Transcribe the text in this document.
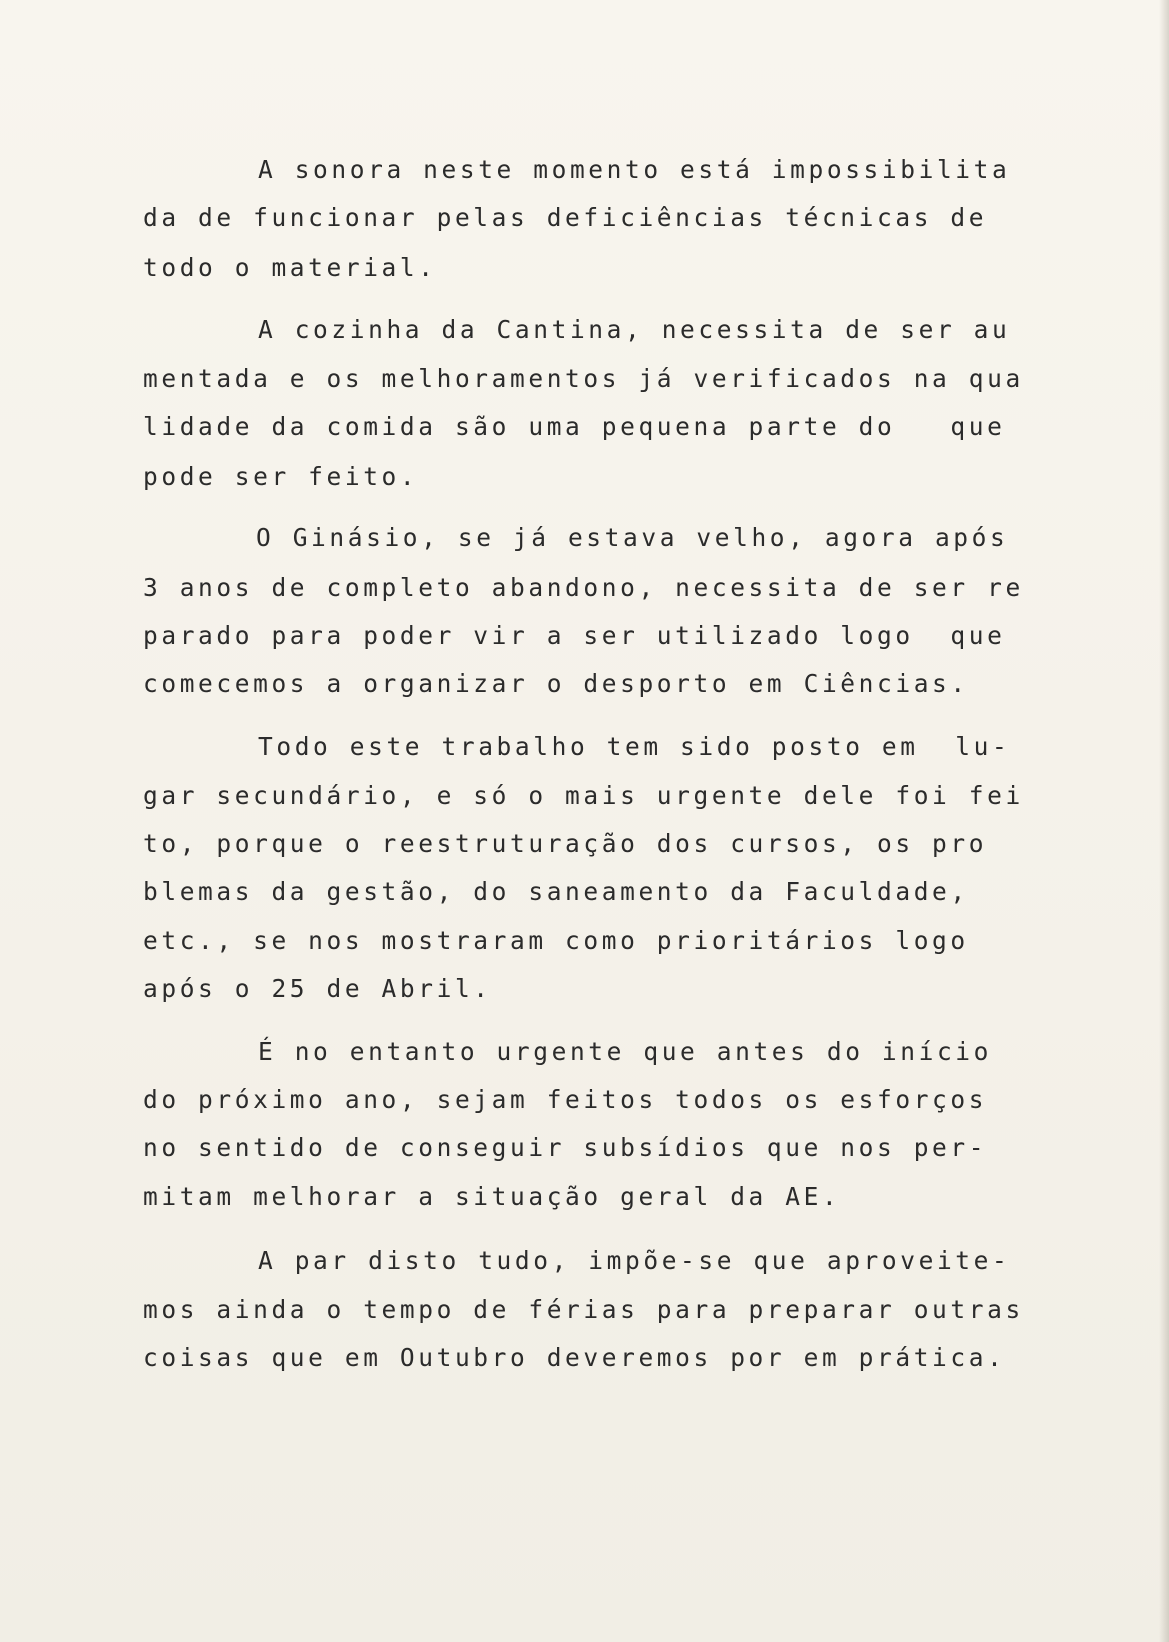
A sonora neste momento está impossibilita
da de funcionar pelas deficiências técnicas de
todo o material.
A cozinha da Cantina, necessita de ser au
mentada e os melhoramentos já verificados na qua
lidade da comida são uma pequena parte do   que
pode ser feito.
O Ginásio, se já estava velho, agora após
3 anos de completo abandono, necessita de ser re
parado para poder vir a ser utilizado logo  que
comecemos a organizar o desporto em Ciências.
Todo este trabalho tem sido posto em  lu-
gar secundário, e só o mais urgente dele foi fei
to, porque o reestruturação dos cursos, os pro
blemas da gestão, do saneamento da Faculdade,
etc., se nos mostraram como prioritários logo
após o 25 de Abril.
É no entanto urgente que antes do início
do próximo ano, sejam feitos todos os esforços
no sentido de conseguir subsídios que nos per-
mitam melhorar a situação geral da AE.
A par disto tudo, impõe-se que aproveite-
mos ainda o tempo de férias para preparar outras
coisas que em Outubro deveremos por em prática.
